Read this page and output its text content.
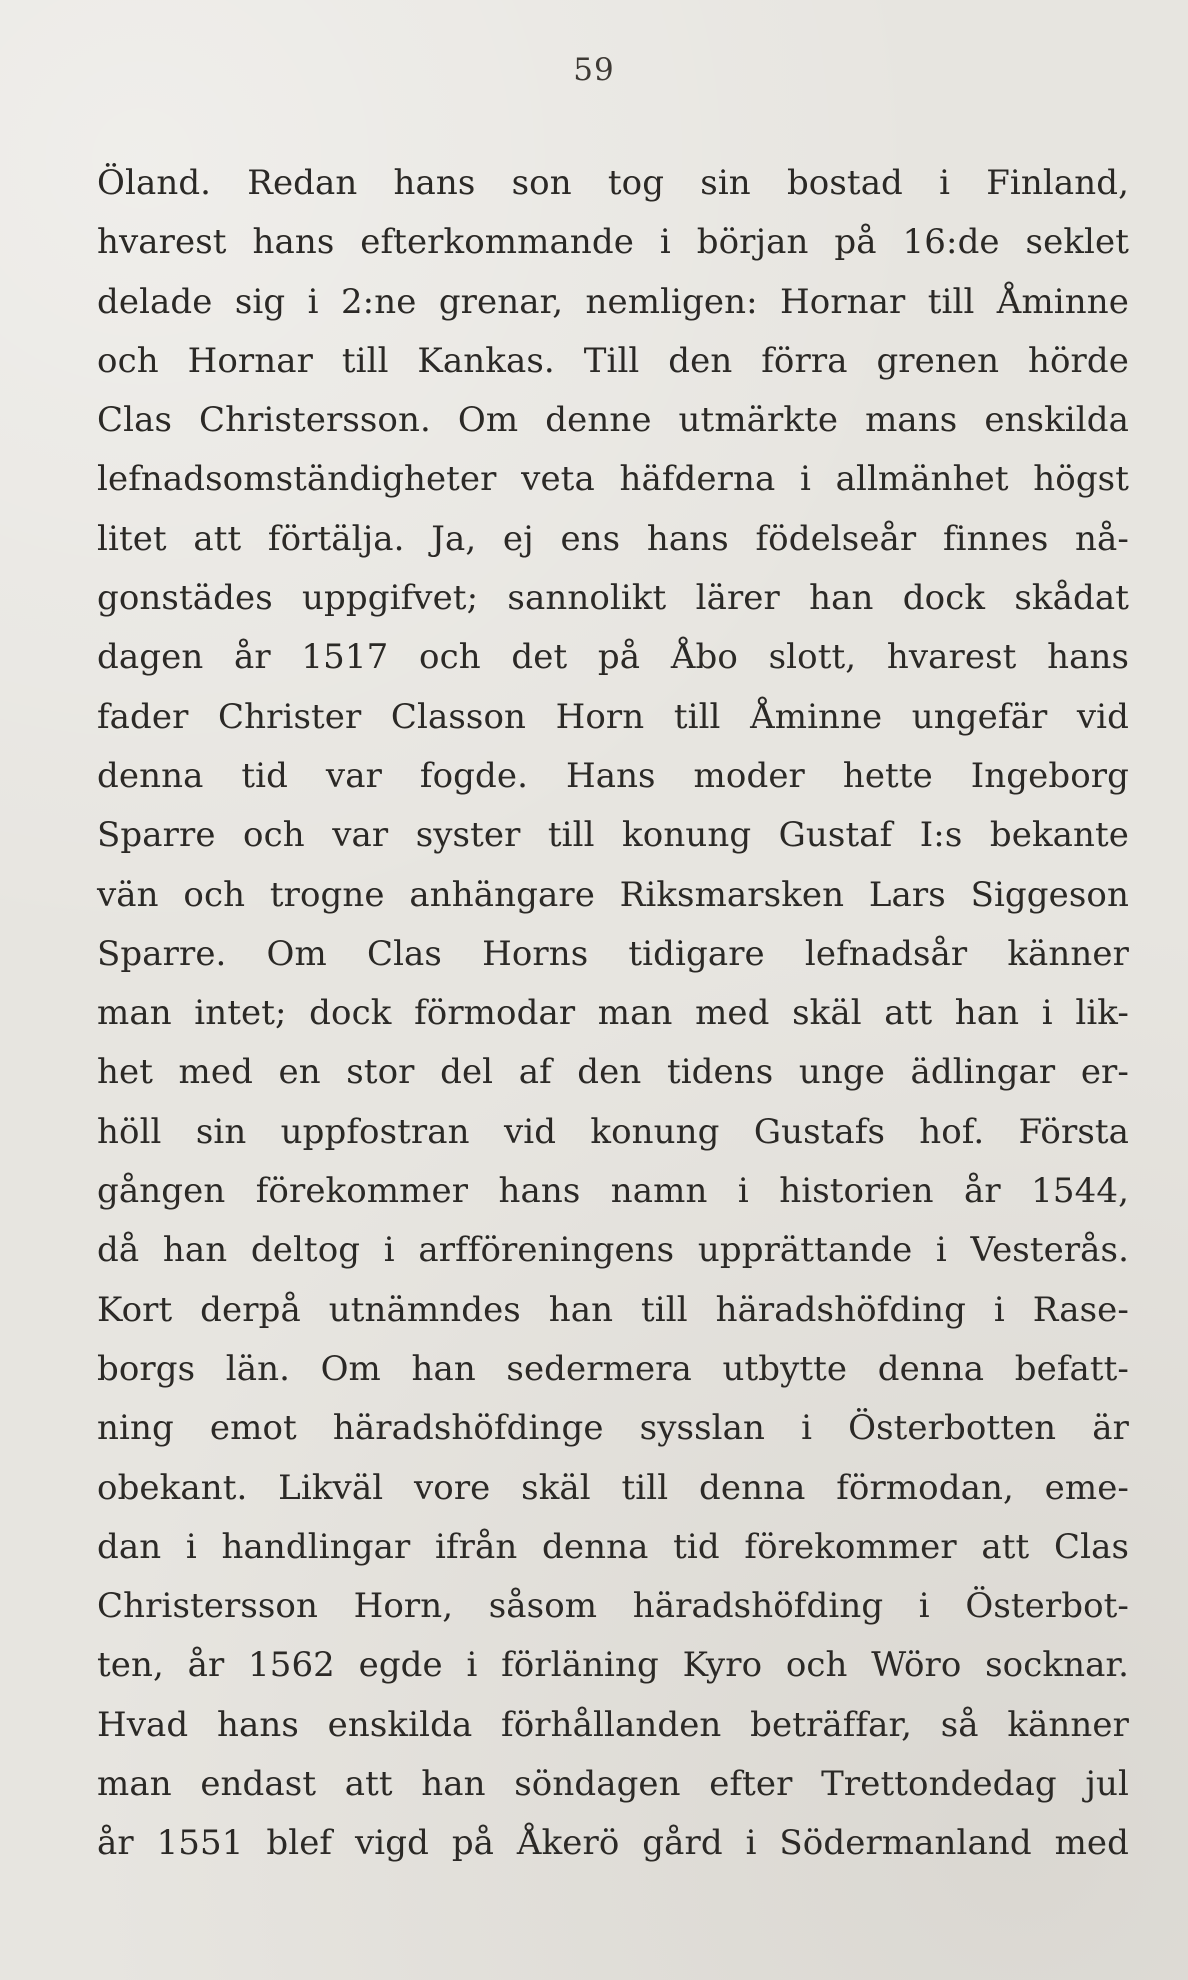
59
Öland. Redan hans son tog sin bostad i Finland,
hvarest hans efterkommande i början på 16:de seklet
delade sig i 2:ne grenar, nemligen: Hornar till Åminne
och Hornar till Kankas. Till den förra grenen hörde
Clas Christersson. Om denne utmärkte mans enskilda
lefnadsomständigheter veta häfderna i allmänhet högst
litet att förtälja. Ja, ej ens hans födelseår finnes nå-
gonstädes uppgifvet; sannolikt lärer han dock skådat
dagen år 1517 och det på Åbo slott, hvarest hans
fader Christer Classon Horn till Åminne ungefär vid
denna tid var fogde. Hans moder hette Ingeborg
Sparre och var syster till konung Gustaf I:s bekante
vän och trogne anhängare Riksmarsken Lars Siggeson
Sparre. Om Clas Horns tidigare lefnadsår känner
man intet; dock förmodar man med skäl att han i lik-
het med en stor del af den tidens unge ädlingar er-
höll sin uppfostran vid konung Gustafs hof. Första
gången förekommer hans namn i historien år 1544,
då han deltog i arfföreningens upprättande i Vesterås.
Kort derpå utnämndes han till häradshöfding i Rase-
borgs län. Om han sedermera utbytte denna befatt-
ning emot häradshöfdinge sysslan i Österbotten är
obekant. Likväl vore skäl till denna förmodan, eme-
dan i handlingar ifrån denna tid förekommer att Clas
Christersson Horn, såsom häradshöfding i Österbot-
ten, år 1562 egde i förläning Kyro och Wöro socknar.
Hvad hans enskilda förhållanden beträffar, så känner
man endast att han söndagen efter Trettondedag jul
år 1551 blef vigd på Åkerö gård i Södermanland med
